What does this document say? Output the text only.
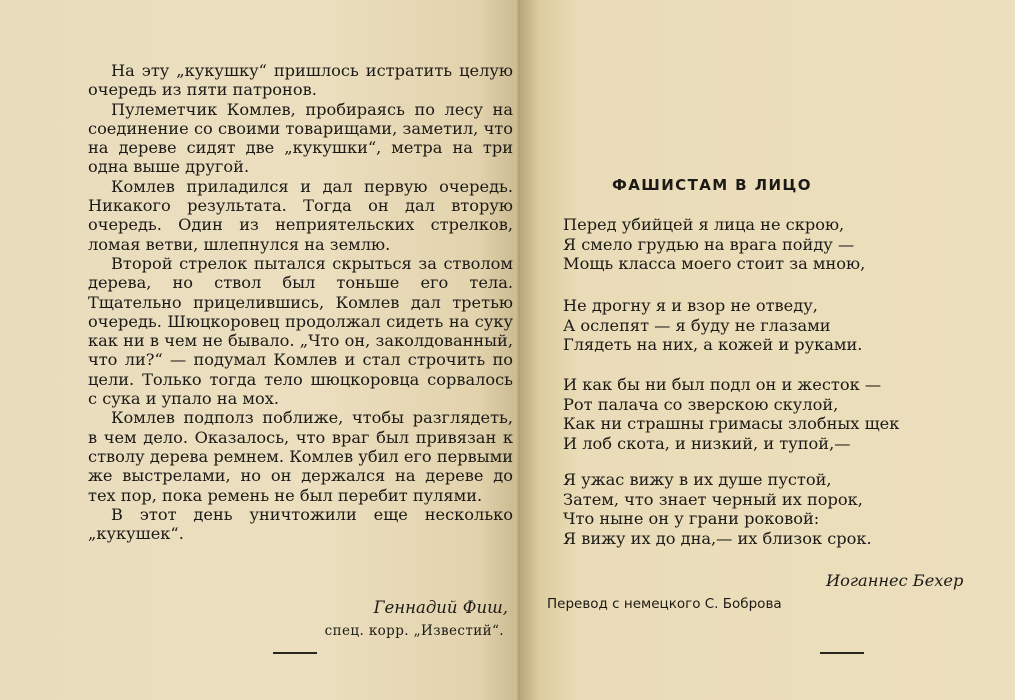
На эту „кукушку“ пришлось истратить целую очередь из пяти патронов.

Пулеметчик Комлев, пробираясь по лесу на соединение со своими товарищами, заметил, что на дереве сидят две „кукушки“, метра на три одна выше другой.

Комлев приладился и дал первую очередь. Никакого результата. Тогда он дал вторую очередь. Один из неприятельских стрелков, ломая ветви, шлепнулся на землю.

Второй стрелок пытался скрыться за стволом дерева, но ствол был тоньше его тела. Тщательно прицелившись, Комлев дал третью очередь. Шюцкоровец продолжал сидеть на суку как ни в чем не бывало. „Что он, заколдованный, что ли?“ — подумал Комлев и стал строчить по цели. Только тогда тело шюцкоровца сорвалось с сука и упало на мох.

Комлев подполз поближе, чтобы разглядеть, в чем дело. Оказалось, что враг был привязан к стволу дерева ремнем. Комлев убил его первыми же выстрелами, но он держался на дереве до тех пор, пока ремень не был перебит пулями.

В этот день уничтожили еще несколько „кукушек“.

Геннадий Фиш,
спец. корр. „Известий“.
ФАШИСТАМ В ЛИЦО
Перед убийцей я лица не скрою,
Я смело грудью на врага пойду —
Мощь класса моего стоит за мною,
Не дрогну я и взор не отведу,
А ослепят — я буду не глазами
Глядеть на них, а кожей и руками.
И как бы ни был подл он и жесток —
Рот палача со зверскою скулой,
Как ни страшны гримасы злобных щек
И лоб скота, и низкий, и тупой,—
Я ужас вижу в их душе пустой,
Затем, что знает черный их порок,
Что ныне он у грани роковой:
Я вижу их до дна,— их близок срок.
Иоганнес Бехер
Перевод с немецкого С. Боброва
